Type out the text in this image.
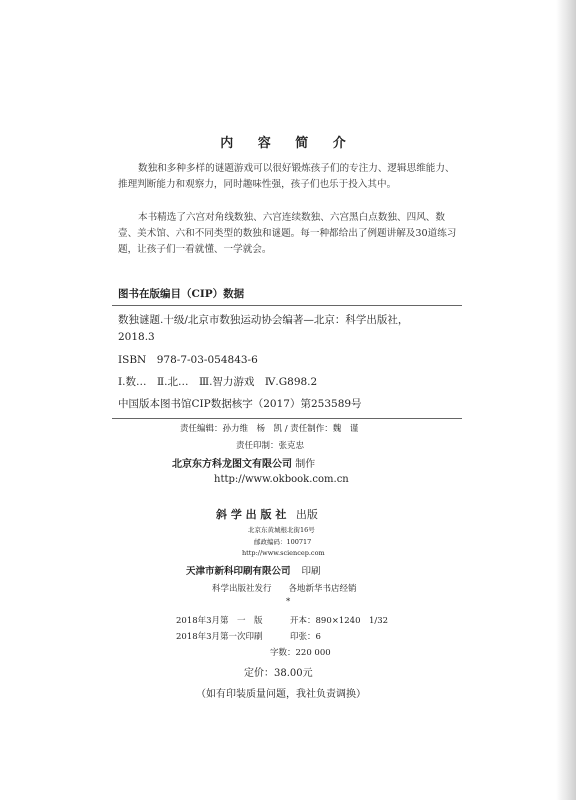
内 容 简 介
数独和多种多样的谜题游戏可以很好锻炼孩子们的专注力、逻辑思维能力、推理判断能力和观察力，同时趣味性强，孩子们也乐于投入其中。
本书精选了六宫对角线数独、六宫连续数独、六宫黑白点数独、四风、数壹、美术馆、六和不同类型的数独和谜题。每一种都给出了例题讲解及30道练习题，让孩子们一看就懂、一学就会。
图书在版编目（CIP）数据
数独谜题.十级/北京市数独运动协会编著—北京：科学出版社，
2018.3
ISBN　978-7-03-054843-6
Ⅰ.数…　Ⅱ.北…　Ⅲ.智力游戏　Ⅳ.G898.2
中国版本图书馆CIP数据核字（2017）第253589号
责任编辑：孙力维　杨　凯 / 责任制作：魏　谨
责任印制：张克忠
北京东方科龙图文有限公司 制作
http://www.okbook.com.cn
斜 学 出 版 社 出版
北京东黄城根北街16号
邮政编码：100717
http://www.sciencep.com
天津市新科印刷有限公司 印刷
科学出版社发行　　各地新华书店经销
*
2018年3月第　一　版	开本：890×1240　1/32
2018年3月第一次印刷	印张：6
字数：220 000
定价：38.00元
（如有印装质量问题，我社负责调换）
